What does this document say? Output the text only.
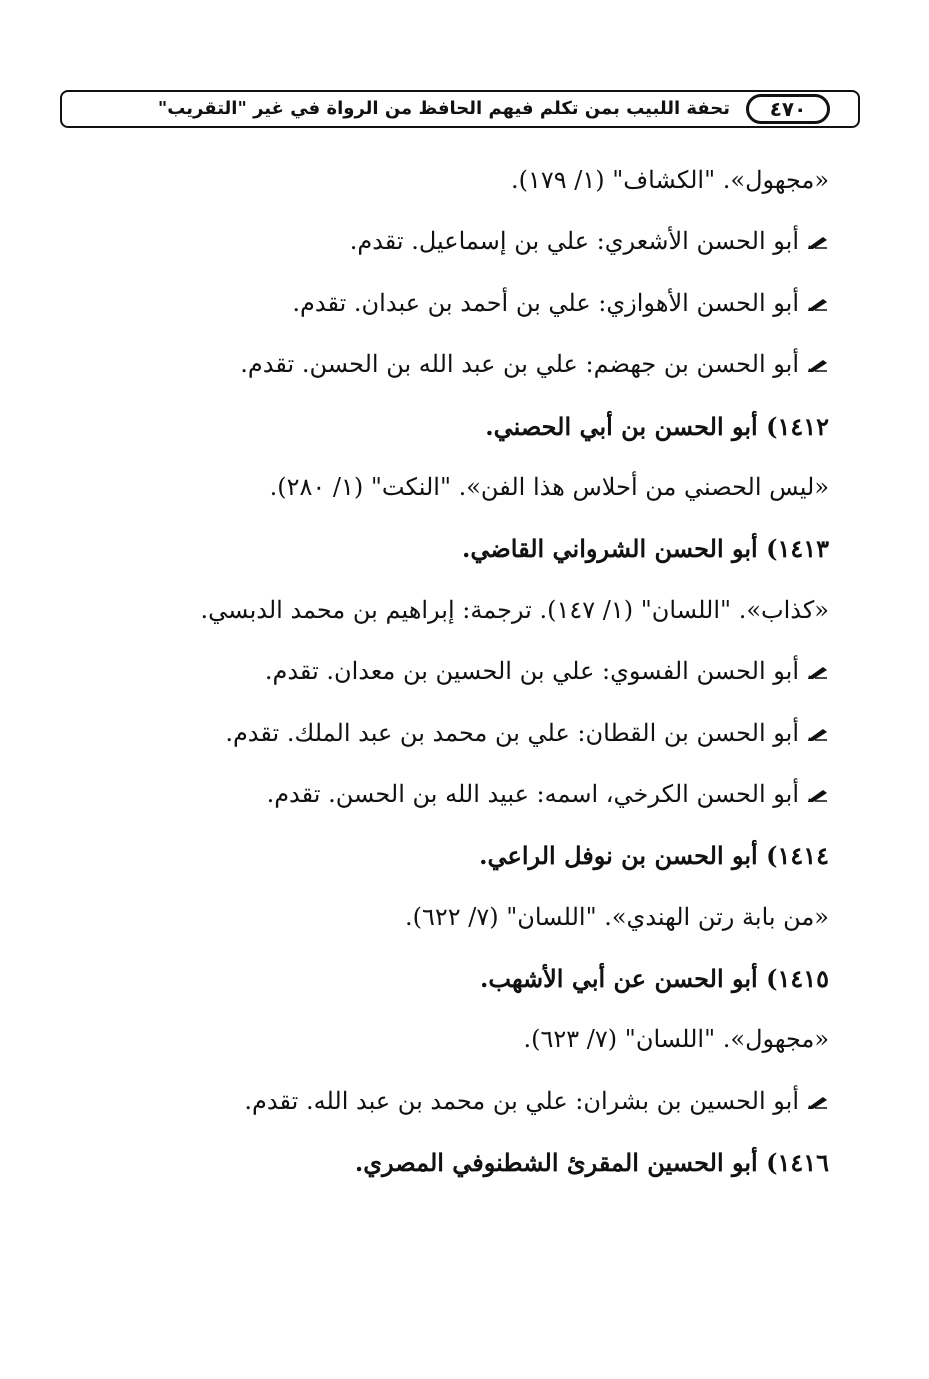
٤٧٠
تحفة اللبيب بمن تكلم فيهم الحافظ من الرواة في غير "التقريب"
«مجهول». "الكشاف" (١/ ١٧٩).
أبو الحسن الأشعري: علي بن إسماعيل. تقدم.
أبو الحسن الأهوازي: علي بن أحمد بن عبدان. تقدم.
أبو الحسن بن جهضم: علي بن عبد الله بن الحسن. تقدم.
١٤١٢) أبو الحسن بن أبي الحصني.
«ليس الحصني من أحلاس هذا الفن». "النكت" (١/ ٢٨٠).
١٤١٣) أبو الحسن الشرواني القاضي.
«كذاب». "اللسان" (١/ ١٤٧). ترجمة: إبراهيم بن محمد الدبسي.
أبو الحسن الفسوي: علي بن الحسين بن معدان. تقدم.
أبو الحسن بن القطان: علي بن محمد بن عبد الملك. تقدم.
أبو الحسن الكرخي، اسمه: عبيد الله بن الحسن. تقدم.
١٤١٤) أبو الحسن بن نوفل الراعي.
«من بابة رتن الهندي». "اللسان" (٧/ ٦٢٢).
١٤١٥) أبو الحسن عن أبي الأشهب.
«مجهول». "اللسان" (٧/ ٦٢٣).
أبو الحسين بن بشران: علي بن محمد بن عبد الله. تقدم.
١٤١٦) أبو الحسين المقرئ الشطنوفي المصري.
